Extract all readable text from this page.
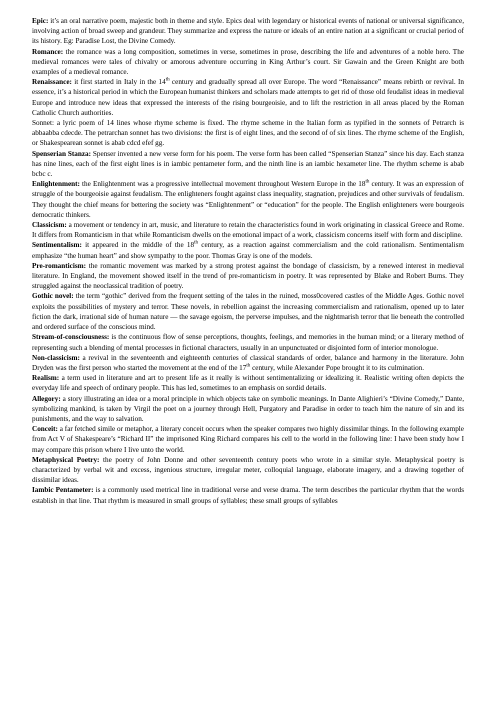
Epic: it’s an oral narrative poem, majestic both in theme and style. Epics deal with legendary or historical events of national or universal significance, involving action of broad sweep and grandeur. They summarize and express the nature or ideals of an entire nation at a significant or crucial period of its history. Eg: Paradise Lost, the Divine Comedy.

Romance: the romance was a long composition, sometimes in verse, sometimes in prose, describing the life and adventures of a noble hero. The medieval romances were tales of chivalry or amorous adventure occurring in King Arthur’s court. Sir Gawain and the Green Knight are both examples of a medieval romance.

Renaissance: it first started in Italy in the 14th century and gradually spread all over Europe. The word “Renaissance” means rebirth or revival. In essence, it’s a historical period in which the European humanist thinkers and scholars made attempts to get rid of those old feudalist ideas in medieval Europe and introduce new ideas that expressed the interests of the rising bourgeoisie, and to lift the restriction in all areas placed by the Roman Catholic Church authorities.

Sonnet: a lyric poem of 14 lines whose rhyme scheme is fixed. The rhyme scheme in the Italian form as typified in the sonnets of Petrarch is abbaabba cdecde. The petrarchan sonnet has two divisions: the first is of eight lines, and the second of of six lines. The rhyme scheme of the English, or Shakespearean sonnet is abab cdcd efef gg.

Spenserian Stanza: Spenser invented a new verse form for his poem. The verse form has been called “Spenserian Stanza” since his day. Each stanza has nine lines, each of the first eight lines is in iambic pentameter form, and the ninth line is an iambic hexameter line. The rhythm scheme is abab bcbc c.

Enlightenment: the Enlightenment was a progressive intellectual movement throughout Western Europe in the 18th century. It was an expression of struggle of the bourgeoisie against feudalism. The enlighteners fought against class inequality, stagnation, prejudices and other survivals of feudalism. They thought the chief means for bettering the society was “Enlightenment” or “education” for the people. The English enlighteners were bourgeois democratic thinkers.

Classicism: a movement or tendency in art, music, and literature to retain the characteristics found in work originating in classical Greece and Rome. It differs from Romanticism in that while Romanticism dwells on the emotional impact of a work, classicism concerns itself with form and discipline.

Sentimentalism: it appeared in the middle of the 18th century, as a reaction against commercialism and the cold rationalism. Sentimentalism emphasize “the human heart” and show sympathy to the poor. Thomas Gray is one of the models.

Pre-romanticism: the romantic movement was marked by a strong protest against the bondage of classicism, by a renewed interest in medieval literature. In England, the movement showed itself in the trend of pre-romanticism in poetry. It was represented by Blake and Robert Burns. They struggled against the neoclassical tradition of poetry.

Gothic novel: the term “gothic” derived from the frequent setting of the tales in the ruined, moss0covered castles of the Middle Ages. Gothic novel exploits the possibilities of mystery and terror. These novels, in rebellion against the increasing commercialism and rationalism, opened up to later fiction the dark, irrational side of human nature — the savage egoism, the perverse impulses, and the nightmarish terror that lie beneath the controlled and ordered surface of the conscious mind.

Stream-of-consciousness: is the continuous flow of sense perceptions, thoughts, feelings, and memories in the human mind; or a literary method of representing such a blending of mental processes in fictional characters, usually in an unpunctuated or disjointed form of interior monologue.

Non-classicism: a revival in the seventeenth and eighteenth centuries of classical standards of order, balance and harmony in the literature. John Dryden was the first person who started the movement at the end of the 17th century, while Alexander Pope brought it to its culmination.

Realism: a term used in literature and art to present life as it really is without sentimentalizing or idealizing it. Realistic writing often depicts the everyday life and speech of ordinary people. This has led, sometimes to an emphasis on sordid details.

Allegory: a story illustrating an idea or a moral principle in which objects take on symbolic meanings. In Dante Alighieri’s “Divine Comedy,” Dante, symbolizing mankind, is taken by Virgil the poet on a journey through Hell, Purgatory and Paradise in order to teach him the nature of sin and its punishments, and the way to salvation.

Conceit: a far fetched simile or metaphor, a literary conceit occurs when the speaker compares two highly dissimilar things. In the following example from Act V of Shakespeare’s “Richard II” the imprisoned King Richard compares his cell to the world in the following line: I have been study how I may compare this prison where I live unto the world.

Metaphysical Poetry: the poetry of John Donne and other seventeenth century poets who wrote in a similar style. Metaphysical poetry is characterized by verbal wit and excess, ingenious structure, irregular meter, colloquial language, elaborate imagery, and a drawing together of dissimilar ideas.

Iambic Pentameter: is a commonly used metrical line in traditional verse and verse drama. The term describes the particular rhythm that the words establish in that line. That rhythm is measured in small groups of syllables; these small groups of syllables
